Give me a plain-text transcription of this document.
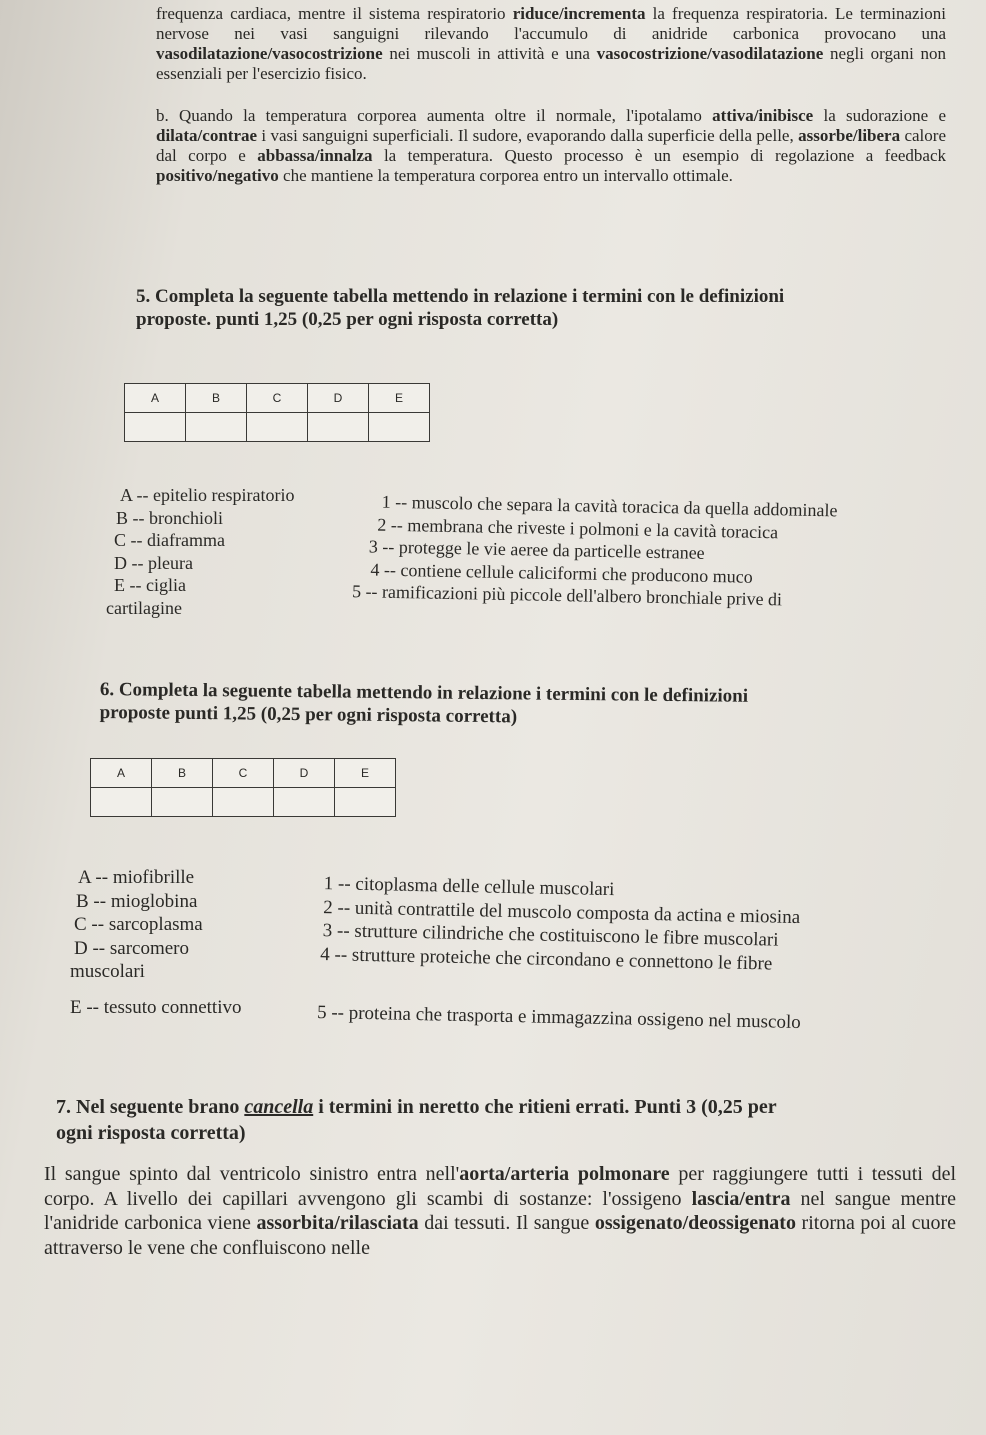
frequenza cardiaca, mentre il sistema respiratorio riduce/incrementa la frequenza respiratoria. Le terminazioni nervose nei vasi sanguigni rilevando l'accumulo di anidride carbonica provocano una vasodilatazione/vasocostrizione nei muscoli in attività e una vasocostrizione/vasodilatazione negli organi non essenziali per l'esercizio fisico.

b. Quando la temperatura corporea aumenta oltre il normale, l'ipotalamo attiva/inibisce la sudorazione e dilata/contrae i vasi sanguigni superficiali. Il sudore, evaporando dalla superficie della pelle, assorbe/libera calore dal corpo e abbassa/innalza la temperatura. Questo processo è un esempio di regolazione a feedback positivo/negativo che mantiene la temperatura corporea entro un intervallo ottimale.

5. Completa la seguente tabella mettendo in relazione i termini con le definizioni
proposte. punti 1,25 (0,25 per ogni risposta corretta)
A	B	C	D	E

A -- epitelio respiratorio
B -- bronchioli
C -- diaframma
D -- pleura
E -- ciglia
cartilagine
1 -- muscolo che separa la cavità toracica da quella addominale
2 -- membrana che riveste i polmoni e la cavità toracica
3 -- protegge le vie aeree da particelle estranee
4 -- contiene cellule caliciformi che producono muco
5 -- ramificazioni più piccole dell'albero bronchiale prive di
6. Completa la seguente tabella mettendo in relazione i termini con le definizioni
proposte punti 1,25 (0,25 per ogni risposta corretta)
A	B	C	D	E

A -- miofibrille
B -- mioglobina
C -- sarcoplasma
D -- sarcomero
muscolari
E -- tessuto connettivo
1 -- citoplasma delle cellule muscolari
2 -- unità contrattile del muscolo composta da actina e miosina
3 -- strutture cilindriche che costituiscono le fibre muscolari
4 -- strutture proteiche che circondano e connettono le fibre
5 -- proteina che trasporta e immagazzina ossigeno nel muscolo
7. Nel seguente brano cancella i termini in neretto che ritieni errati. Punti 3 (0,25 per
ogni risposta corretta)

Il sangue spinto dal ventricolo sinistro entra nell'aorta/arteria polmonare per raggiungere tutti i tessuti del corpo. A livello dei capillari avvengono gli scambi di sostanze: l'ossigeno lascia/entra nel sangue mentre l'anidride carbonica viene assorbita/rilasciata dai tessuti. Il sangue ossigenato/deossigenato ritorna poi al cuore attraverso le vene che confluiscono nelle
